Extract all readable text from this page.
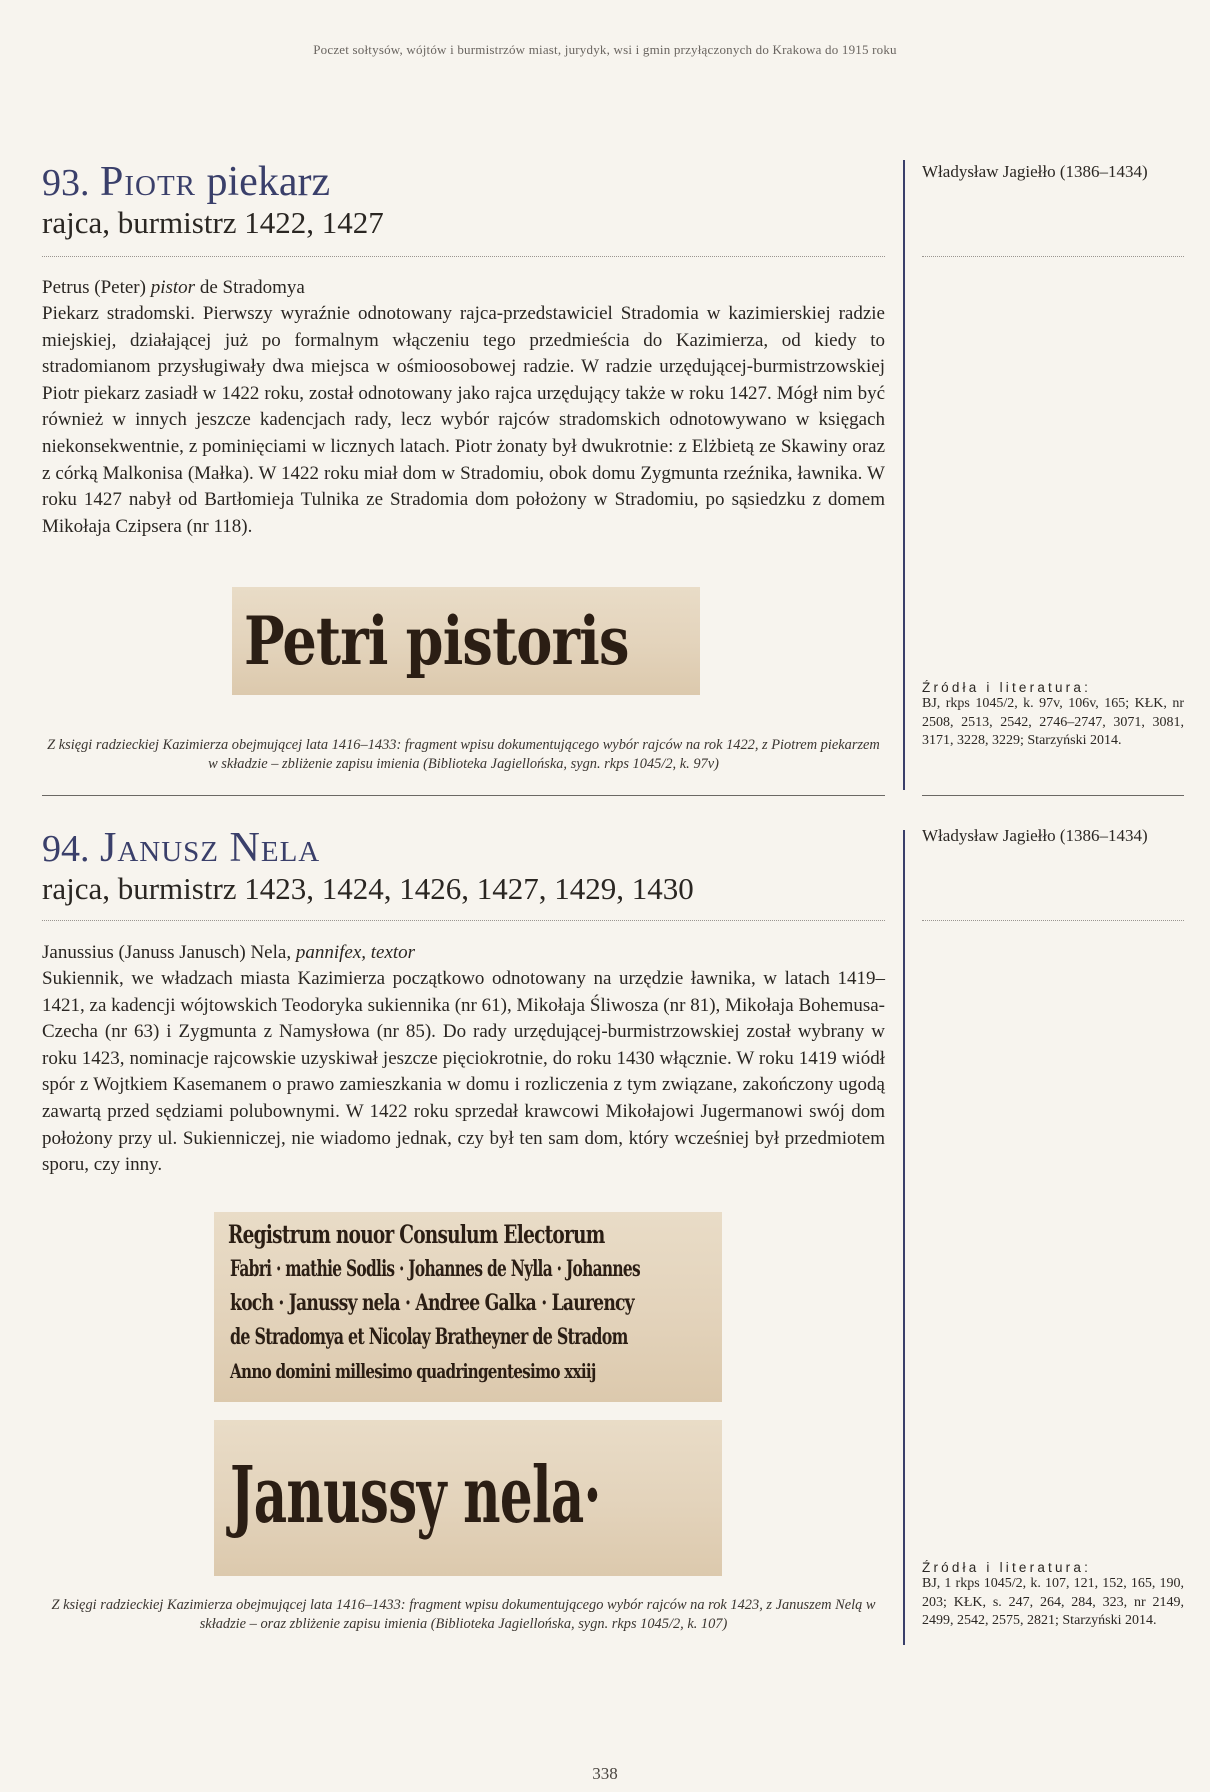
Poczet sołtysów, wójtów i burmistrzów miast, jurydyk, wsi i gmin przyłączonych do Krakowa do 1915 roku
93. Piotr piekarz
rajca, burmistrz 1422, 1427
Petrus (Peter) pistor de Stradomya

Piekarz stradomski. Pierwszy wyraźnie odnotowany rajca-przedstawiciel Stradomia w kazimierskiej radzie miejskiej, działającej już po formalnym włączeniu tego przedmieścia do Kazimierza, od kiedy to stradomianom przysługiwały dwa miejsca w ośmioosobowej radzie. W radzie urzędującej-burmistrzowskiej Piotr piekarz zasiadł w 1422 roku, został odnotowany jako rajca urzędujący także w roku 1427. Mógł nim być również w innych jeszcze kadencjach rady, lecz wybór rajców stradomskich odnotowywano w księgach niekonsekwentnie, z pominięciami w licznych latach. Piotr żonaty był dwukrotnie: z Elżbietą ze Skawiny oraz z córką Malkonisa (Małka). W 1422 roku miał dom w Stradomiu, obok domu Zygmunta rzeźnika, ławnika. W roku 1427 nabył od Bartłomieja Tulnika ze Stradomia dom położony w Stradomiu, po sąsiedzku z domem Mikołaja Czipsera (nr 118).

Petri pistoris
Z księgi radzieckiej Kazimierza obejmującej lata 1416–1433: fragment wpisu dokumentującego wybór rajców na rok 1422, z Piotrem piekarzem w składzie – zbliżenie zapisu imienia (Biblioteka Jagiellońska, sygn. rkps 1045/2, k. 97v)
Władysław Jagiełło (1386–1434)
Źródła i literatura:
BJ, rkps 1045/2, k. 97v, 106v, 165; KŁK, nr 2508, 2513, 2542, 2746–2747, 3071, 3081, 3171, 3228, 3229; Starzyński 2014.
94. Janusz Nela
rajca, burmistrz 1423, 1424, 1426, 1427, 1429, 1430
Janussius (Januss Janusch) Nela, pannifex, textor

Sukiennik, we władzach miasta Kazimierza początkowo odnotowany na urzędzie ławnika, w latach 1419–1421, za kadencji wójtowskich Teodoryka sukiennika (nr 61), Mikołaja Śliwosza (nr 81), Mikołaja Bohemusa-Czecha (nr 63) i Zygmunta z Namysłowa (nr 85). Do rady urzędującej-burmistrzowskiej został wybrany w roku 1423, nominacje rajcowskie uzyskiwał jeszcze pięciokrotnie, do roku 1430 włącznie. W roku 1419 wiódł spór z Wojtkiem Kasemanem o prawo zamieszkania w domu i rozliczenia z tym związane, zakończony ugodą zawartą przed sędziami polubownymi. W 1422 roku sprzedał krawcowi Mikołajowi Jugermanowi swój dom położony przy ul. Sukienniczej, nie wiadomo jednak, czy był ten sam dom, który wcześniej był przedmiotem sporu, czy inny.

Registrum nouor Consulum Electorum
Fabri · mathie Sodlis · Johannes de Nylla · Johannes
koch · Janussy nela · Andree Galka · Laurency
de Stradomya et Nicolay Bratheyner de Stradom
Anno domini millesimo quadringentesimo xxiij
Janussy nela·
Z księgi radzieckiej Kazimierza obejmującej lata 1416–1433: fragment wpisu dokumentującego wybór rajców na rok 1423, z Januszem Nelą w składzie – oraz zbliżenie zapisu imienia (Biblioteka Jagiellońska, sygn. rkps 1045/2, k. 107)
Władysław Jagiełło (1386–1434)
Źródła i literatura:
BJ, 1 rkps 1045/2, k. 107, 121, 152, 165, 190, 203; KŁK, s. 247, 264, 284, 323, nr 2149, 2499, 2542, 2575, 2821; Starzyński 2014.
338
